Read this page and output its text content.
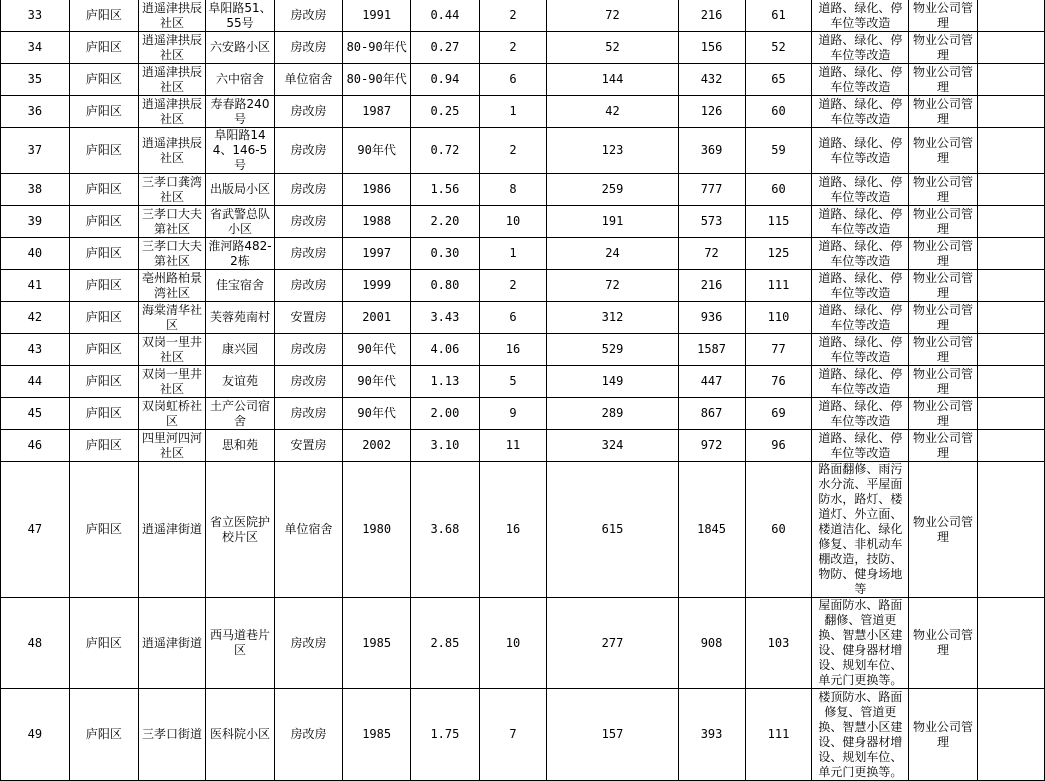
33	庐阳区	逍遥津拱辰社区	阜阳路51、55号	房改房	1991	0.44	2	72	216	61	道路、绿化、停车位等改造	物业公司管理	
34	庐阳区	逍遥津拱辰社区	六安路小区	房改房	80-90年代	0.27	2	52	156	52	道路、绿化、停车位等改造	物业公司管理	
35	庐阳区	逍遥津拱辰社区	六中宿舍	单位宿舍	80-90年代	0.94	6	144	432	65	道路、绿化、停车位等改造	物业公司管理	
36	庐阳区	逍遥津拱辰社区	寿春路240号	房改房	1987	0.25	1	42	126	60	道路、绿化、停车位等改造	物业公司管理	
37	庐阳区	逍遥津拱辰社区	阜阳路144、146-5号	房改房	90年代	0.72	2	123	369	59	道路、绿化、停车位等改造	物业公司管理	
38	庐阳区	三孝口龚湾社区	出版局小区	房改房	1986	1.56	8	259	777	60	道路、绿化、停车位等改造	物业公司管理	
39	庐阳区	三孝口大夫第社区	省武警总队小区	房改房	1988	2.20	10	191	573	115	道路、绿化、停车位等改造	物业公司管理	
40	庐阳区	三孝口大夫第社区	淮河路482-2栋	房改房	1997	0.30	1	24	72	125	道路、绿化、停车位等改造	物业公司管理	
41	庐阳区	亳州路柏景湾社区	佳宝宿舍	房改房	1999	0.80	2	72	216	111	道路、绿化、停车位等改造	物业公司管理	
42	庐阳区	海棠清华社区	芙蓉苑南村	安置房	2001	3.43	6	312	936	110	道路、绿化、停车位等改造	物业公司管理	
43	庐阳区	双岗一里井社区	康兴园	房改房	90年代	4.06	16	529	1587	77	道路、绿化、停车位等改造	物业公司管理	
44	庐阳区	双岗一里井社区	友谊苑	房改房	90年代	1.13	5	149	447	76	道路、绿化、停车位等改造	物业公司管理	
45	庐阳区	双岗虹桥社区	土产公司宿舍	房改房	90年代	2.00	9	289	867	69	道路、绿化、停车位等改造	物业公司管理	
46	庐阳区	四里河四河社区	思和苑	安置房	2002	3.10	11	324	972	96	道路、绿化、停车位等改造	物业公司管理	
47	庐阳区	逍遥津街道	省立医院护校片区	单位宿舍	1980	3.68	16	615	1845	60	路面翻修、雨污水分流、平屋面防水，路灯、楼道灯、外立面、楼道洁化、绿化修复、非机动车棚改造，技防、物防、健身场地等	物业公司管理	
48	庐阳区	逍遥津街道	西马道巷片区	房改房	1985	2.85	10	277	908	103	屋面防水、路面翻修、管道更换、智慧小区建设、健身器材增设、规划车位、单元门更换等。	物业公司管理	
49	庐阳区	三孝口街道	医科院小区	房改房	1985	1.75	7	157	393	111	楼顶防水、路面修复、管道更换、智慧小区建设、健身器材增设、规划车位、单元门更换等。	物业公司管理	
